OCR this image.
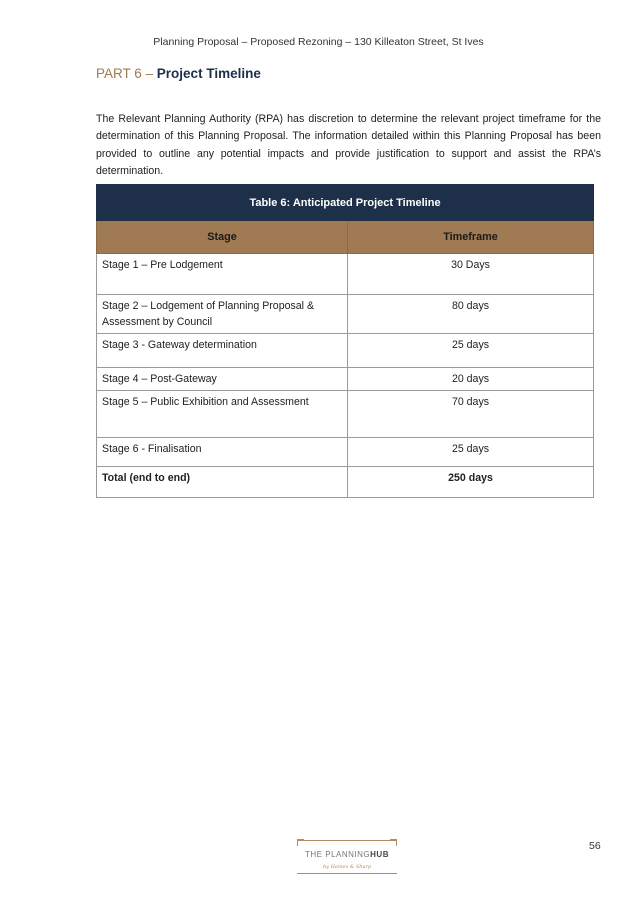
Planning Proposal – Proposed Rezoning – 130 Killeaton Street, St Ives
PART 6 – Project Timeline

The Relevant Planning Authority (RPA) has discretion to determine the relevant project timeframe for the determination of this Planning Proposal. The information detailed within this Planning Proposal has been provided to outline any potential impacts and provide justification to support and assist the RPA’s determination.

Table 6: Anticipated Project Timeline	
Stage	Timeframe
Stage 1 – Pre Lodgement	30 Days
Stage 2 – Lodgement of Planning Proposal & Assessment by Council	80 days
Stage 3 - Gateway determination	25 days
Stage 4 – Post-Gateway	20 days
Stage 5 – Public Exhibition and Assessment	70 days
Stage 6 - Finalisation	25 days
Total (end to end)	250 days
THE PLANNINGHUB
by Hames & Sharp
56
